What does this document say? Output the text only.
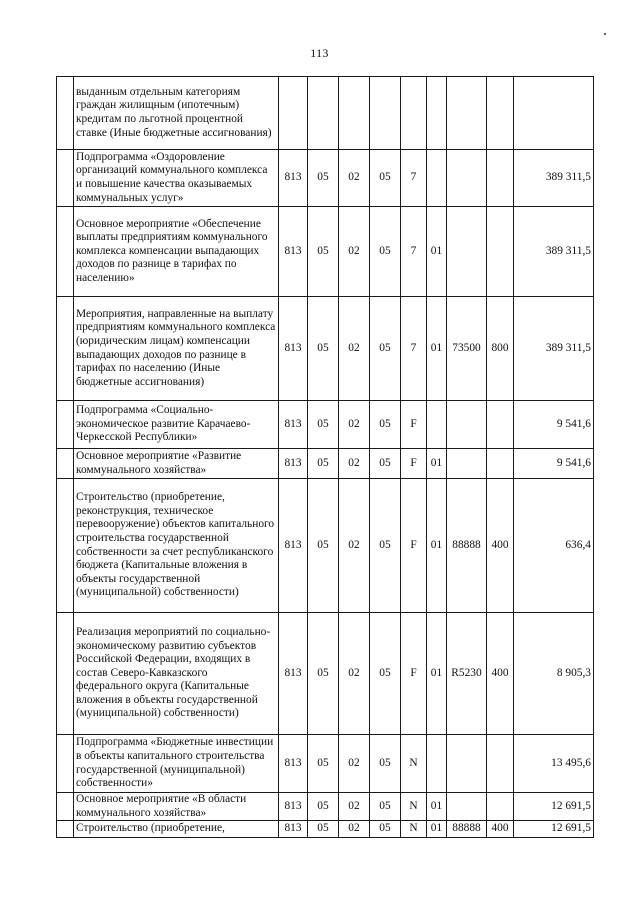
113
	выданным отдельным категориям граждан жилищным (ипотечным) кредитам по льготной процентной ставке (Иные бюджетные ассигнования)									
	Подпрограмма «Оздоровление организаций коммунального комплекса и повышение качества оказываемых коммунальных услуг»	813	05	02	05	7				389 311,5
	Основное мероприятие «Обеспечение выплаты предприятиям коммунального комплекса компенсации выпадающих доходов по разнице в тарифах по населению»	813	05	02	05	7	01			389 311,5
	Мероприятия, направленные на выплату предприятиям коммунального комплекса (юридическим лицам) компенсации выпадающих доходов по разнице в тарифах по населению (Иные бюджетные ассигнования)	813	05	02	05	7	01	73500	800	389 311,5
	Подпрограмма «Социально-экономическое развитие Карачаево-Черкесской Республики»	813	05	02	05	F				9 541,6
	Основное мероприятие «Развитие коммунального хозяйства»	813	05	02	05	F	01			9 541,6
	Строительство (приобретение, реконструкция, техническое перевооружение) объектов капитального строительства государственной собственности за счет республиканского бюджета (Капитальные вложения в объекты государственной (муниципальной) собственности)	813	05	02	05	F	01	88888	400	636,4
	Реализация мероприятий по социально-экономическому развитию субъектов Российской Федерации, входящих в состав Северо-Кавказского федерального округа (Капитальные вложения в объекты государственной (муниципальной) собственности)	813	05	02	05	F	01	R5230	400	8 905,3
	Подпрограмма «Бюджетные инвестиции в объекты капитального строительства государственной (муниципальной) собственности»	813	05	02	05	N				13 495,6
	Основное мероприятие «В области коммунального хозяйства»	813	05	02	05	N	01			12 691,5
	Строительство (приобретение,	813	05	02	05	N	01	88888	400	12 691,5
